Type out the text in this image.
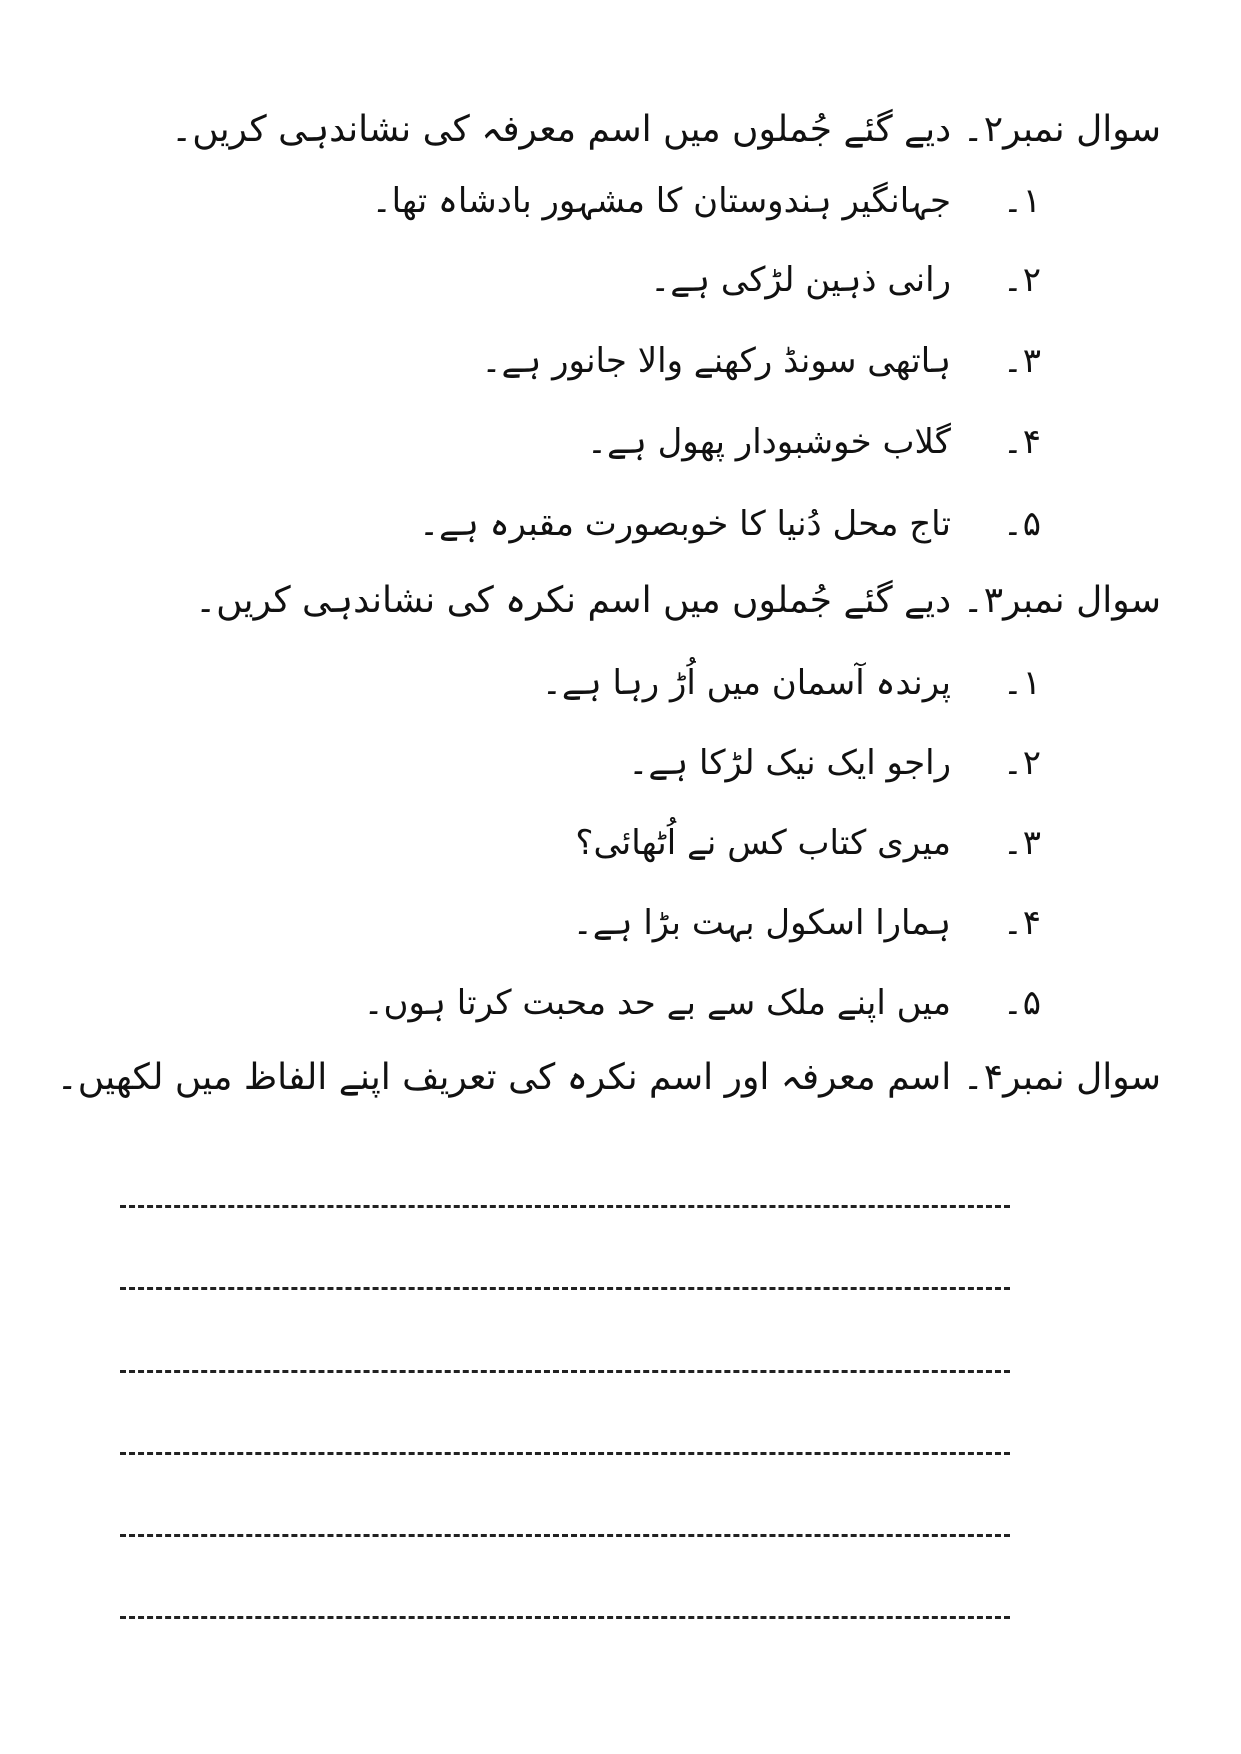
سوال نمبر۲۔ دیے گئے جُملوں میں اسم معرفہ کی نشاندہی کریں۔
۱۔جہانگیر ہندوستان کا مشہور بادشاہ تھا۔
۲۔رانی ذہین لڑکی ہے۔
۳۔ہاتھی سونڈ رکھنے والا جانور ہے۔
۴۔گلاب خوشبودار پھول ہے۔
۵۔تاج محل دُنیا کا خوبصورت مقبرہ ہے۔
سوال نمبر۳۔ دیے گئے جُملوں میں اسم نکرہ کی نشاندہی کریں۔
۱۔پرندہ آسمان میں اُڑ رہا ہے۔
۲۔راجو ایک نیک لڑکا ہے۔
۳۔میری کتاب کس نے اُٹھائی؟
۴۔ہمارا اسکول بہت بڑا ہے۔
۵۔میں اپنے ملک سے بے حد محبت کرتا ہوں۔
سوال نمبر۴۔ اسم معرفہ اور اسم نکرہ کی تعریف اپنے الفاظ میں لکھیں۔
